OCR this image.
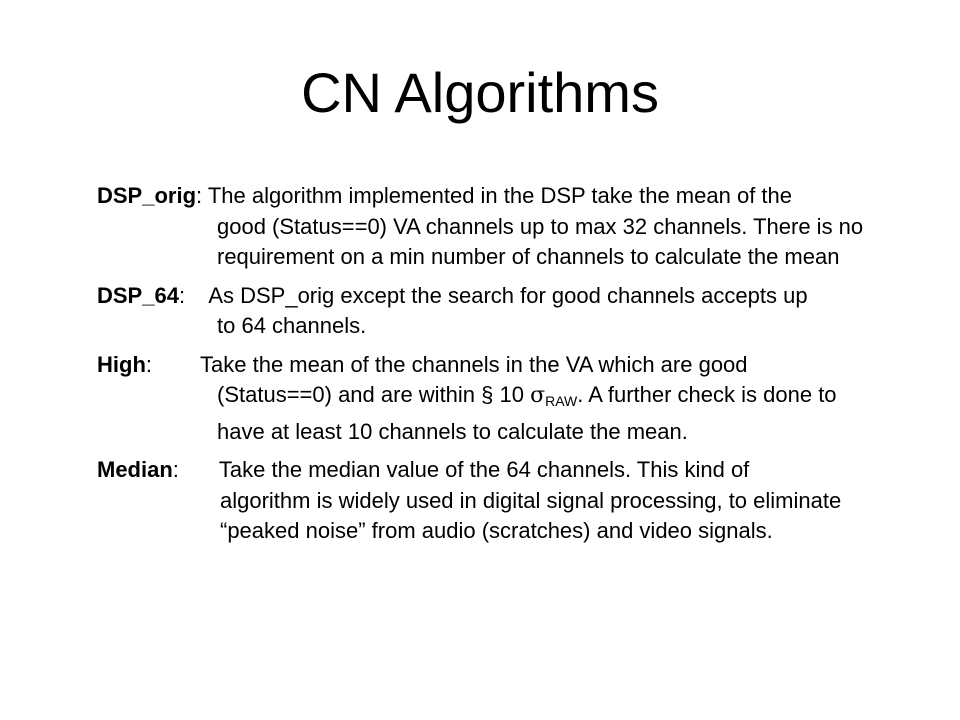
CN Algorithms
DSP_orig: The algorithm implemented in the DSP take the mean of the
good (Status==0) VA channels up to max 32 channels. There is no requirement on a min number of channels to calculate the mean
DSP_64:    As DSP_orig except the search for good channels accepts up
to 64 channels.
High: Take the mean of the channels in the VA which are good
(Status==0) and are within § 10 $\sigma_{RAW}$. A further check is done to have at least 10 channels to calculate the mean.
Median: Take the median value of the 64 channels. This kind of
algorithm is widely used in digital signal processing, to eliminate “peaked noise” from audio (scratches) and video signals.
